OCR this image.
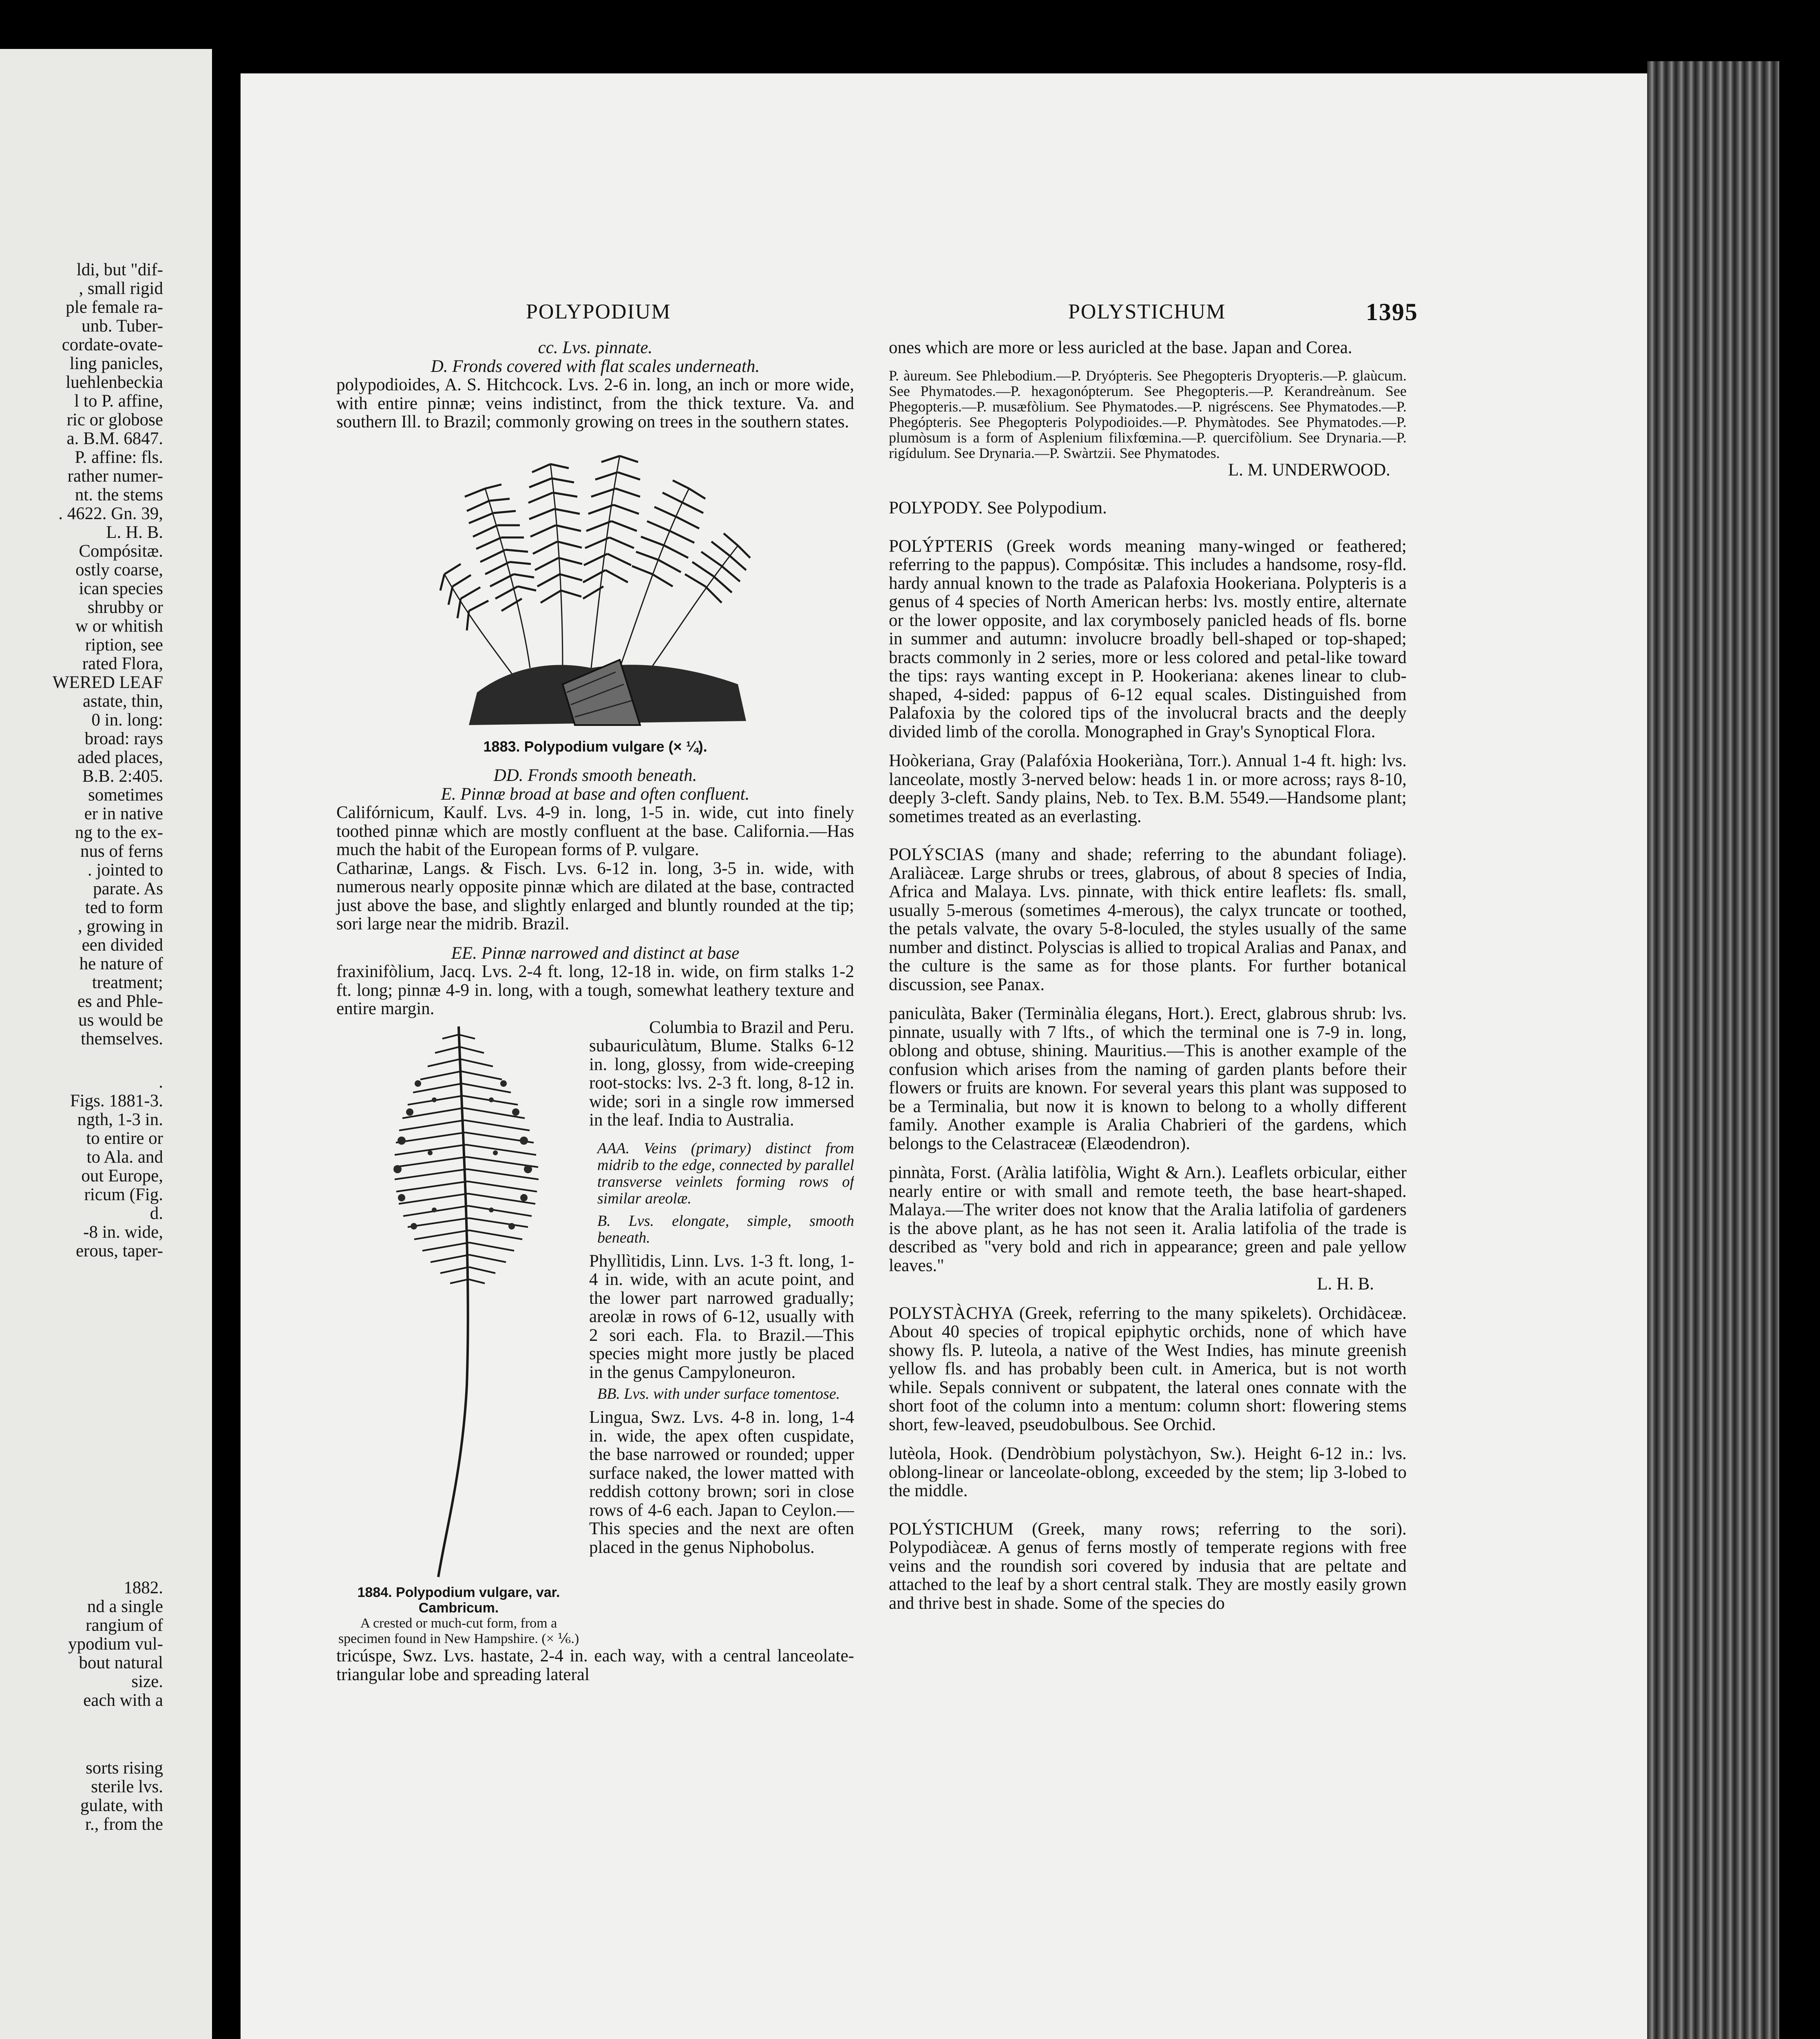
ldi, but "dif-
, small rigid
ple female ra-
unb. Tuber-
cordate-ovate-
ling panicles,
luehlenbeckia
l to P. affine,
ric or globose
a. B.M. 6847.
P. affine: fls.
rather numer-
nt. the stems
. 4622. Gn. 39,
L. H. B.
Compósitæ.
ostly coarse,
ican species
shrubby or
w or whitish
ription, see
rated Flora,
WERED LEAF
astate, thin,
0 in. long:
broad: rays
aded places,
B.B. 2:405.
sometimes
er in native
ng to the ex-
nus of ferns
. jointed to
parate. As
ted to form
, growing in
een divided
he nature of
treatment;
es and Phle-
us would be
themselves.
.
Figs. 1881-3.
ngth, 1-3 in.
to entire or
to Ala. and
out Europe,
ricum (Fig.
d.
-8 in. wide,
erous, taper-
1882.
nd a single
rangium of
ypodium vul-
bout natural
size.
each with a
sorts rising
sterile lvs.
gulate, with
r., from the
POLYPODIUM	POLYSTICHUM	1395

cc. Lvs. pinnate.

D. Fronds covered with flat scales underneath.

polypodioides, A. S. Hitchcock. Lvs. 2-6 in. long, an inch or more wide, with entire pinnæ; veins indistinct, from the thick texture. Va. and southern Ill. to Brazil; commonly growing on trees in the southern states.

1883. Polypodium vulgare (× ¼).

DD. Fronds smooth beneath.

E. Pinnæ broad at base and often confluent.

Califórnicum, Kaulf. Lvs. 4-9 in. long, 1-5 in. wide, cut into finely toothed pinnæ which are mostly confluent at the base. California.—Has much the habit of the European forms of P. vulgare.

Catharinæ, Langs. & Fisch. Lvs. 6-12 in. long, 3-5 in. wide, with numerous nearly opposite pinnæ which are dilated at the base, contracted just above the base, and slightly enlarged and bluntly rounded at the tip; sori large near the midrib. Brazil.

EE. Pinnæ narrowed and distinct at base

fraxinifòlium, Jacq. Lvs. 2-4 ft. long, 12-18 in. wide, on firm stalks 1-2 ft. long; pinnæ 4-9 in. long, with a tough, somewhat leathery texture and entire margin.

1884. Polypodium vulgare, var. Cambricum.

A crested or much-cut form, from a specimen found in New Hampshire. (× ⅙.)

Columbia to Brazil and Peru.

subauriculàtum, Blume. Stalks 6-12 in. long, glossy, from wide-creeping root-stocks: lvs. 2-3 ft. long, 8-12 in. wide; sori in a single row immersed in the leaf. India to Australia.

AAA. Veins (primary) distinct from midrib to the edge, connected by parallel transverse veinlets forming rows of similar areolæ.

B. Lvs. elongate, simple, smooth beneath.

Phyllìtidis, Linn. Lvs. 1-3 ft. long, 1-4 in. wide, with an acute point, and the lower part narrowed gradually; areolæ in rows of 6-12, usually with 2 sori each. Fla. to Brazil.—This species might more justly be placed in the genus Campyloneuron.

BB. Lvs. with under surface tomentose.

Lingua, Swz. Lvs. 4-8 in. long, 1-4 in. wide, the apex often cuspidate, the base narrowed or rounded; upper surface naked, the lower matted with reddish cottony brown; sori in close rows of 4-6 each. Japan to Ceylon.—This species and the next are often placed in the genus Niphobolus.

tricúspe, Swz. Lvs. hastate, 2-4 in. each way, with a central lanceolate-triangular lobe and spreading lateral

ones which are more or less auricled at the base. Japan and Corea.

P. àureum. See Phlebodium.—P. Dryópteris. See Phegopteris Dryopteris.—P. glaùcum. See Phymatodes.—P. hexagonópterum. See Phegopteris.—P. Kerandreànum. See Phegopteris.—P. musæfòlium. See Phymatodes.—P. nigréscens. See Phymatodes.—P. Phegópteris. See Phegopteris Polypodioides.—P. Phymàtodes. See Phymatodes.—P. plumòsum is a form of Asplenium filixfœmina.—P. quercifòlium. See Drynaria.—P. rigídulum. See Drynaria.—P. Swàrtzii. See Phymatodes.

L. M. UNDERWOOD.

POLYPODY. See Polypodium.

POLÝPTERIS (Greek words meaning many-winged or feathered; referring to the pappus). Compósitæ. This includes a handsome, rosy-fld. hardy annual known to the trade as Palafoxia Hookeriana. Polypteris is a genus of 4 species of North American herbs: lvs. mostly entire, alternate or the lower opposite, and lax corymbosely panicled heads of fls. borne in summer and autumn: involucre broadly bell-shaped or top-shaped; bracts commonly in 2 series, more or less colored and petal-like toward the tips: rays wanting except in P. Hookeriana: akenes linear to club-shaped, 4-sided: pappus of 6-12 equal scales. Distinguished from Palafoxia by the colored tips of the involucral bracts and the deeply divided limb of the corolla. Monographed in Gray's Synoptical Flora.

Hoòkeriana, Gray (Palafóxia Hookeriàna, Torr.). Annual 1-4 ft. high: lvs. lanceolate, mostly 3-nerved below: heads 1 in. or more across; rays 8-10, deeply 3-cleft. Sandy plains, Neb. to Tex. B.M. 5549.—Handsome plant; sometimes treated as an everlasting.

POLÝSCIAS (many and shade; referring to the abundant foliage). Araliàceæ. Large shrubs or trees, glabrous, of about 8 species of India, Africa and Malaya. Lvs. pinnate, with thick entire leaflets: fls. small, usually 5-merous (sometimes 4-merous), the calyx truncate or toothed, the petals valvate, the ovary 5-8-loculed, the styles usually of the same number and distinct. Polyscias is allied to tropical Aralias and Panax, and the culture is the same as for those plants. For further botanical discussion, see Panax.

paniculàta, Baker (Terminàlia élegans, Hort.). Erect, glabrous shrub: lvs. pinnate, usually with 7 lfts., of which the terminal one is 7-9 in. long, oblong and obtuse, shining. Mauritius.—This is another example of the confusion which arises from the naming of garden plants before their flowers or fruits are known. For several years this plant was supposed to be a Terminalia, but now it is known to belong to a wholly different family. Another example is Aralia Chabrieri of the gardens, which belongs to the Celastraceæ (Elæodendron).

pinnàta, Forst. (Aràlia latifòlia, Wight & Arn.). Leaflets orbicular, either nearly entire or with small and remote teeth, the base heart-shaped. Malaya.—The writer does not know that the Aralia latifolia of gardeners is the above plant, as he has not seen it. Aralia latifolia of the trade is described as "very bold and rich in appearance; green and pale yellow leaves."

L. H. B.

POLYSTÀCHYA (Greek, referring to the many spikelets). Orchidàceæ. About 40 species of tropical epiphytic orchids, none of which have showy fls. P. luteola, a native of the West Indies, has minute greenish yellow fls. and has probably been cult. in America, but is not worth while. Sepals connivent or subpatent, the lateral ones connate with the short foot of the column into a mentum: column short: flowering stems short, few-leaved, pseudobulbous. See Orchid.

lutèola, Hook. (Dendròbium polystàchyon, Sw.). Height 6-12 in.: lvs. oblong-linear or lanceolate-oblong, exceeded by the stem; lip 3-lobed to the middle.

POLÝSTICHUM (Greek, many rows; referring to the sori). Polypodiàceæ. A genus of ferns mostly of temperate regions with free veins and the roundish sori covered by indusia that are peltate and attached to the leaf by a short central stalk. They are mostly easily grown and thrive best in shade. Some of the species do
